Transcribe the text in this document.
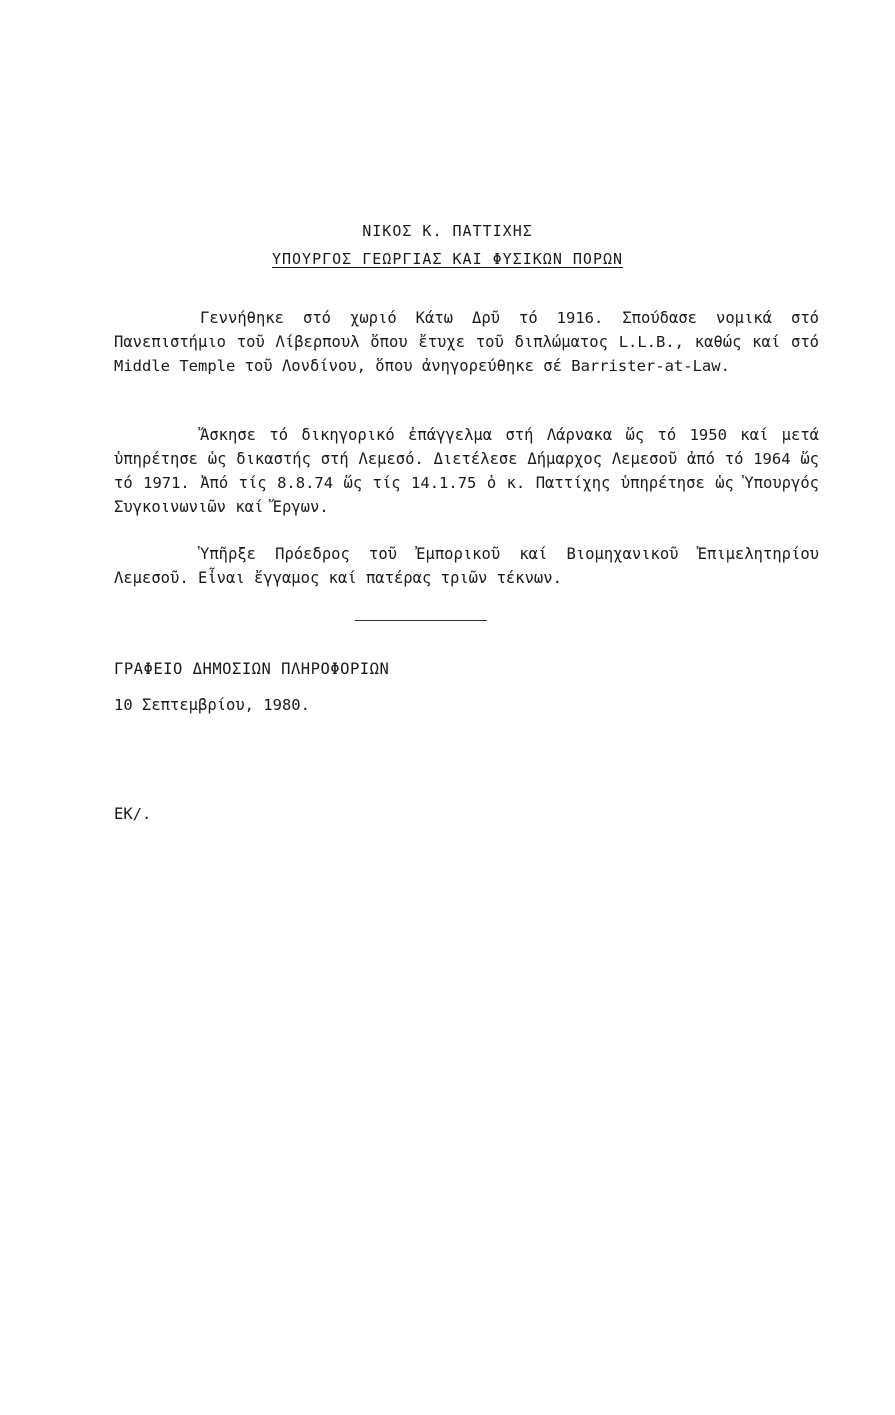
ΝΙΚΟΣ Κ. ΠΑΤΤΙΧΗΣ
ΥΠΟΥΡΓΟΣ ΓΕΩΡΓΙΑΣ ΚΑΙ ΦΥΣΙΚΩΝ ΠΟΡΩΝ

Γεννήθηκε στό χωριό Κάτω Δρῦ τό 1916. Σπούδασε νομικά στό Πανεπιστήμιο τοῦ Λίβερπουλ ὅπου ἔτυχε τοῦ διπλώματος L.L.B., καθώς καί στό Middle Temple τοῦ Λονδίνου, ὅπου ἀνηγορεύθηκε σέ Barrister-at-Law.

Ἄσκησε τό δικηγορικό ἐπάγγελμα στή Λάρνακα ὥς τό 1950 καί μετά ὑπηρέτησε ὡς δικαστής στή Λεμεσό. Διετέλεσε Δήμαρχος Λεμεσοῦ ἀπό τό 1964 ὥς τό 1971. Ἀπό τίς 8.8.74 ὥς τίς 14.1.75 ὁ κ. Παττίχης ὑπηρέτησε ὡς Ὑπουργός Συγκοινωνιῶν καί Ἔργων.

Ὑπῆρξε Πρόεδρος τοῦ Ἐμπορικοῦ καί Βιομηχανικοῦ Ἐπιμελητηρίου Λεμεσοῦ. Εἶναι ἔγγαμος καί πατέρας τριῶν τέκνων.

ΓΡΑΦΕΙΟ ΔΗΜΟΣΙΩΝ ΠΛΗΡΟΦΟΡΙΩΝ

10 Σεπτεμβρίου, 1980.

ΕΚ/.
